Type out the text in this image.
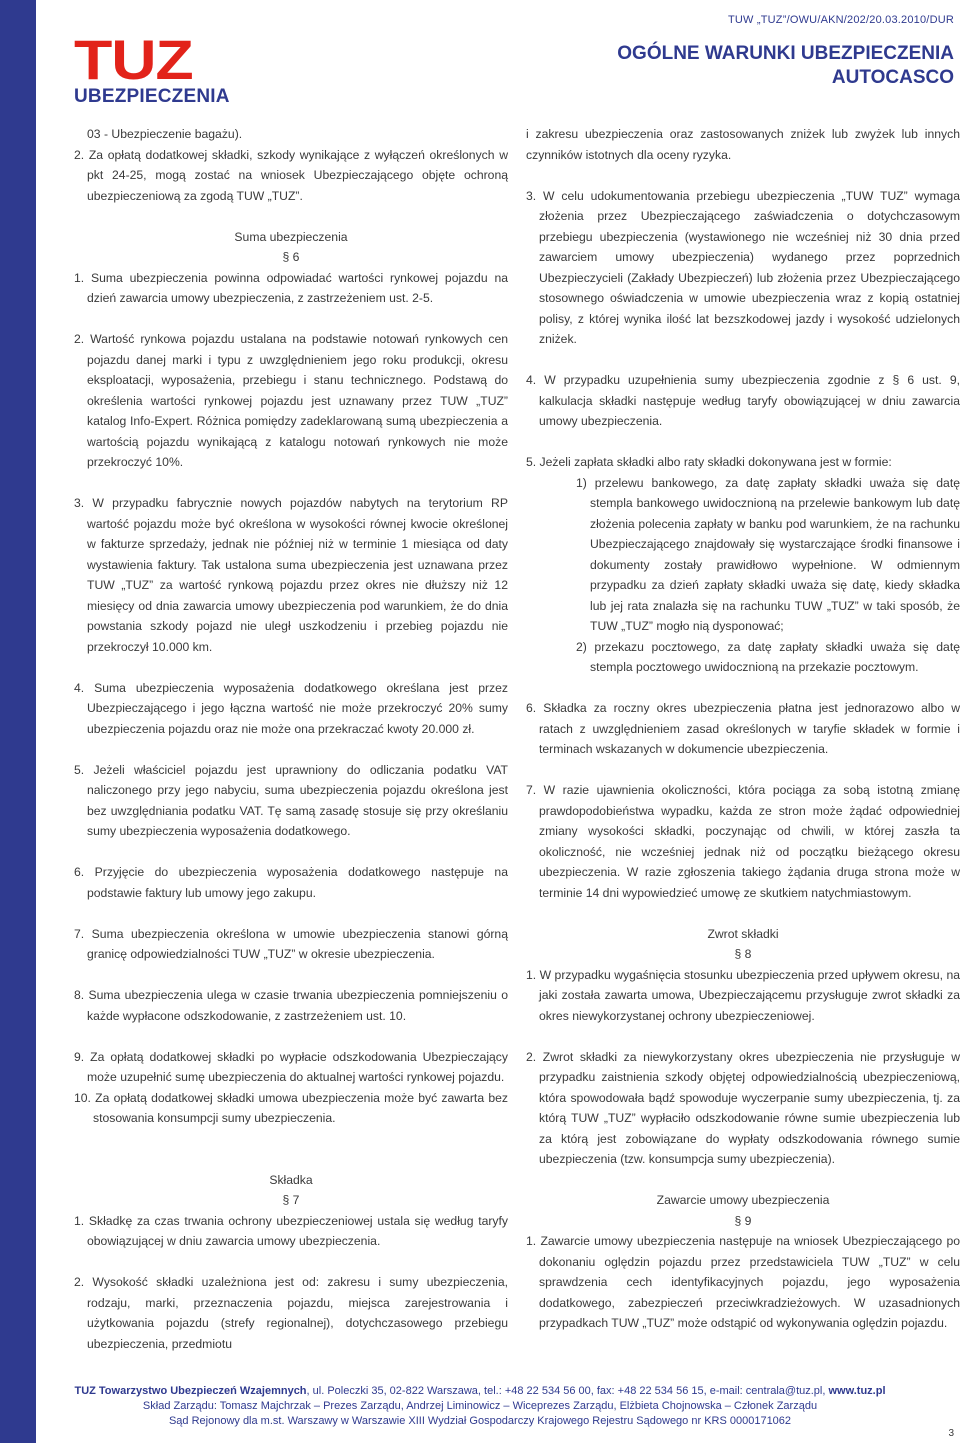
TUZ
UBEZPIECZENIA
TUW „TUZ”/OWU/AKN/202/20.03.2010/DUR
OGÓLNE WARUNKI UBEZPIECZENIA
AUTOCASCO

03 - Ubezpieczenie bagażu).

2. Za opłatą dodatkowej składki, szkody wynikające z wyłączeń określonych w pkt 24-25, mogą zostać na wniosek Ubezpieczającego objęte ochroną ubezpieczeniową za zgodą TUW „TUZ”.

Suma ubezpieczenia

§ 6

1. Suma ubezpieczenia powinna odpowiadać wartości rynkowej pojazdu na dzień zawarcia umowy ubezpieczenia, z zastrzeżeniem ust. 2-5.

2. Wartość rynkowa pojazdu ustalana na podstawie notowań rynkowych cen pojazdu danej marki i typu z uwzględnieniem jego roku produkcji, okresu eksploatacji, wyposażenia, przebiegu i stanu technicznego. Podstawą do określenia wartości rynkowej pojazdu jest uznawany przez TUW „TUZ” katalog Info-Expert. Różnica pomiędzy zadeklarowaną sumą ubezpieczenia a wartością pojazdu wynikającą z katalogu notowań rynkowych nie może przekroczyć 10%.

3. W przypadku fabrycznie nowych pojazdów nabytych na terytorium RP wartość pojazdu może być określona w wysokości równej kwocie określonej w fakturze sprzedaży, jednak nie później niż w terminie 1 miesiąca od daty wystawienia faktury. Tak ustalona suma ubezpieczenia jest uznawana przez TUW „TUZ” za wartość rynkową pojazdu przez okres nie dłuższy niż 12 miesięcy od dnia zawarcia umowy ubezpieczenia pod warunkiem, że do dnia powstania szkody pojazd nie uległ uszkodzeniu i przebieg pojazdu nie przekroczył 10.000 km.

4. Suma ubezpieczenia wyposażenia dodatkowego określana jest przez Ubezpieczającego i jego łączna wartość nie może przekroczyć 20% sumy ubezpieczenia pojazdu oraz nie może ona przekraczać kwoty 20.000 zł.

5. Jeżeli właściciel pojazdu jest uprawniony do odliczania podatku VAT naliczonego przy jego nabyciu, suma ubezpieczenia pojazdu określona jest bez uwzględniania podatku VAT. Tę samą zasadę stosuje się przy określaniu sumy ubezpieczenia wyposażenia dodatkowego.

6. Przyjęcie do ubezpieczenia wyposażenia dodatkowego następuje na podstawie faktury lub umowy jego zakupu.

7. Suma ubezpieczenia określona w umowie ubezpieczenia stanowi górną granicę odpowiedzialności TUW „TUZ” w okresie ubezpieczenia.

8. Suma ubezpieczenia ulega w czasie trwania ubezpieczenia pomniejszeniu o każde wypłacone odszkodowanie, z zastrzeżeniem ust. 10.

9. Za opłatą dodatkowej składki po wypłacie odszkodowania Ubezpieczający może uzupełnić sumę ubezpieczenia do aktualnej wartości rynkowej pojazdu.

10. Za opłatą dodatkowej składki umowa ubezpieczenia może być zawarta bez stosowania konsumpcji sumy ubezpieczenia.

Składka

§ 7

1. Składkę za czas trwania ochrony ubezpieczeniowej ustala się według taryfy obowiązującej w dniu zawarcia umowy ubezpieczenia.

2. Wysokość składki uzależniona jest od: zakresu i sumy ubezpieczenia, rodzaju, marki, przeznaczenia pojazdu, miejsca zarejestrowania i użytkowania pojazdu (strefy regionalnej), dotychczasowego przebiegu ubezpieczenia, przedmiotu

i zakresu ubezpieczenia oraz zastosowanych zniżek lub zwyżek lub innych czynników istotnych dla oceny ryzyka.

3. W celu udokumentowania przebiegu ubezpieczenia „TUW TUZ” wymaga złożenia przez Ubezpieczającego zaświadczenia o dotychczasowym przebiegu ubezpieczenia (wystawionego nie wcześniej niż 30 dnia przed zawarciem umowy ubezpieczenia) wydanego przez poprzednich Ubezpieczycieli (Zakłady Ubezpieczeń) lub złożenia przez Ubezpieczającego stosownego oświadczenia w umowie ubezpieczenia wraz z kopią ostatniej polisy, z której wynika ilość lat bezszkodowej jazdy i wysokość udzielonych zniżek.

4. W przypadku uzupełnienia sumy ubezpieczenia zgodnie z § 6 ust. 9, kalkulacja składki następuje według taryfy obowiązującej w dniu zawarcia umowy ubezpieczenia.

5. Jeżeli zapłata składki albo raty składki dokonywana jest w formie:

1) przelewu bankowego, za datę zapłaty składki uważa się datę stempla bankowego uwidocznioną na przelewie bankowym lub datę złożenia polecenia zapłaty w banku pod warunkiem, że na rachunku Ubezpieczającego znajdowały się wystarczające środki finansowe i dokumenty zostały prawidłowo wypełnione. W odmiennym przypadku za dzień zapłaty składki uważa się datę, kiedy składka lub jej rata znalazła się na rachunku TUW „TUZ” w taki sposób, że TUW „TUZ” mogło nią dysponować;

2) przekazu pocztowego, za datę zapłaty składki uważa się datę stempla pocztowego uwidocznioną na przekazie pocztowym.

6. Składka za roczny okres ubezpieczenia płatna jest jednorazowo albo w ratach z uwzględnieniem zasad określonych w taryfie składek w formie i terminach wskazanych w dokumencie ubezpieczenia.

7. W razie ujawnienia okoliczności, która pociąga za sobą istotną zmianę prawdopodobieństwa wypadku, każda ze stron może żądać odpowiedniej zmiany wysokości składki, poczynając od chwili, w której zaszła ta okoliczność, nie wcześniej jednak niż od początku bieżącego okresu ubezpieczenia. W razie zgłoszenia takiego żądania druga strona może w terminie 14 dni wypowiedzieć umowę ze skutkiem natychmiastowym.

Zwrot składki

§ 8

1. W przypadku wygaśnięcia stosunku ubezpieczenia przed upływem okresu, na jaki została zawarta umowa, Ubezpieczającemu przysługuje zwrot składki za okres niewykorzystanej ochrony ubezpieczeniowej.

2. Zwrot składki za niewykorzystany okres ubezpieczenia nie przysługuje w przypadku zaistnienia szkody objętej odpowiedzialnością ubezpieczeniową, która spowodowała bądź spowoduje wyczerpanie sumy ubezpieczenia, tj. za którą TUW „TUZ” wypłaciło odszkodowanie równe sumie ubezpieczenia lub za którą jest zobowiązane do wypłaty odszkodowania równego sumie ubezpieczenia (tzw. konsumpcja sumy ubezpieczenia).

Zawarcie umowy ubezpieczenia

§ 9

1. Zawarcie umowy ubezpieczenia następuje na wniosek Ubezpieczającego po dokonaniu oględzin pojazdu przez przedstawiciela TUW „TUZ” w celu sprawdzenia cech identyfikacyjnych pojazdu, jego wyposażenia dodatkowego, zabezpieczeń przeciwkradzieżowych. W uzasadnionych przypadkach TUW „TUZ” może odstąpić od wykonywania oględzin pojazdu.

TUZ Towarzystwo Ubezpieczeń Wzajemnych, ul. Poleczki 35, 02-822 Warszawa, tel.: +48 22 534 56 00, fax: +48 22 534 56 15, e-mail: centrala@tuz.pl, www.tuz.pl
Skład Zarządu: Tomasz Majchrzak – Prezes Zarządu, Andrzej Liminowicz – Wiceprezes Zarządu, Elżbieta Chojnowska – Członek Zarządu
Sąd Rejonowy dla m.st. Warszawy w Warszawie XIII Wydział Gospodarczy Krajowego Rejestru Sądowego nr KRS 0000171062
3
